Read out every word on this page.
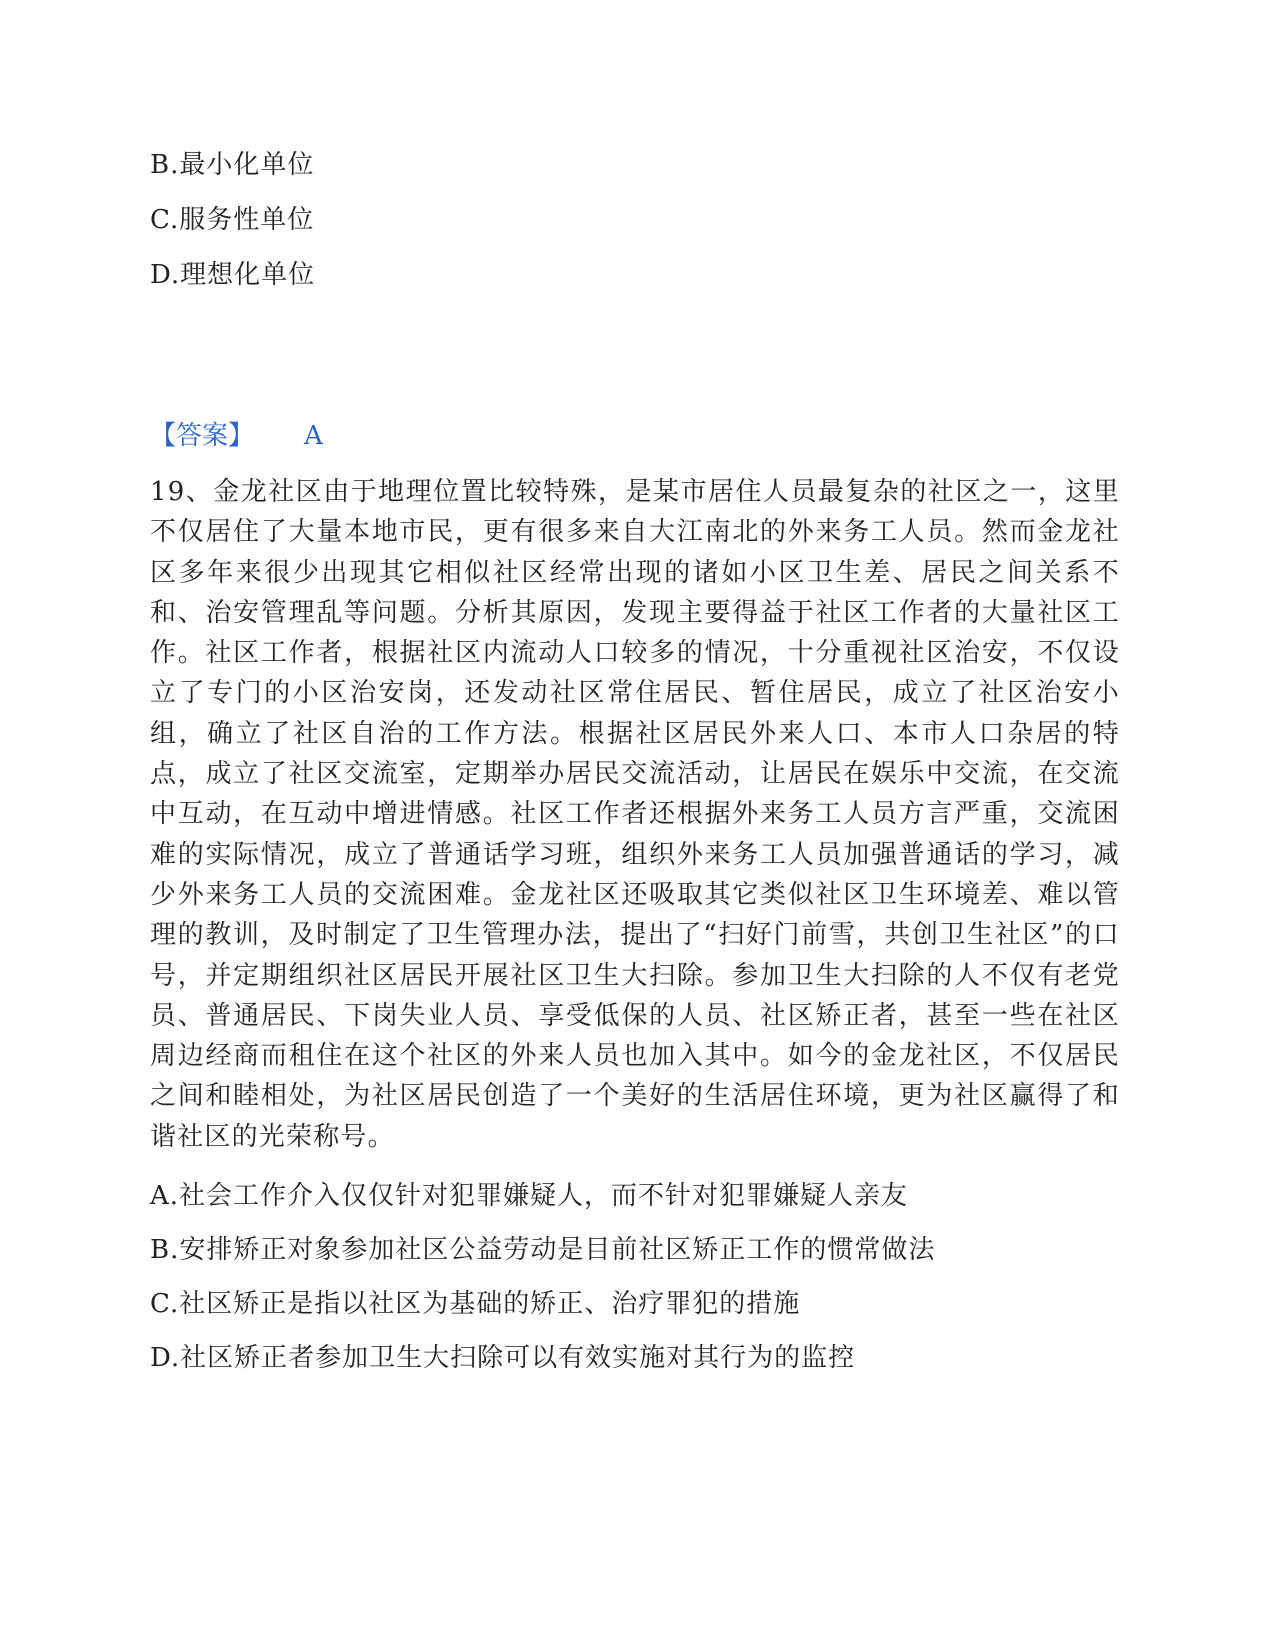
B.最小化单位
C.服务性单位
D.理想化单位
【答案】 A
19、金龙社区由于地理位置比较特殊，是某市居住人员最复杂的社区之一，这里不仅居住了大量本地市民，更有很多来自大江南北的外来务工人员。然而金龙社区多年来很少出现其它相似社区经常出现的诸如小区卫生差、居民之间关系不和、治安管理乱等问题。分析其原因，发现主要得益于社区工作者的大量社区工作。社区工作者，根据社区内流动人口较多的情况，十分重视社区治安，不仅设立了专门的小区治安岗，还发动社区常住居民、暂住居民，成立了社区治安小组，确立了社区自治的工作方法。根据社区居民外来人口、本市人口杂居的特点，成立了社区交流室，定期举办居民交流活动，让居民在娱乐中交流，在交流中互动，在互动中增进情感。社区工作者还根据外来务工人员方言严重，交流困难的实际情况，成立了普通话学习班，组织外来务工人员加强普通话的学习，减少外来务工人员的交流困难。金龙社区还吸取其它类似社区卫生环境差、难以管理的教训，及时制定了卫生管理办法，提出了“扫好门前雪，共创卫生社区”的口号，并定期组织社区居民开展社区卫生大扫除。参加卫生大扫除的人不仅有老党员、普通居民、下岗失业人员、享受低保的人员、社区矫正者，甚至一些在社区周边经商而租住在这个社区的外来人员也加入其中。如今的金龙社区，不仅居民之间和睦相处，为社区居民创造了一个美好的生活居住环境，更为社区赢得了和谐社区的光荣称号。
A.社会工作介入仅仅针对犯罪嫌疑人，而不针对犯罪嫌疑人亲友
B.安排矫正对象参加社区公益劳动是目前社区矫正工作的惯常做法
C.社区矫正是指以社区为基础的矫正、治疗罪犯的措施
D.社区矫正者参加卫生大扫除可以有效实施对其行为的监控
